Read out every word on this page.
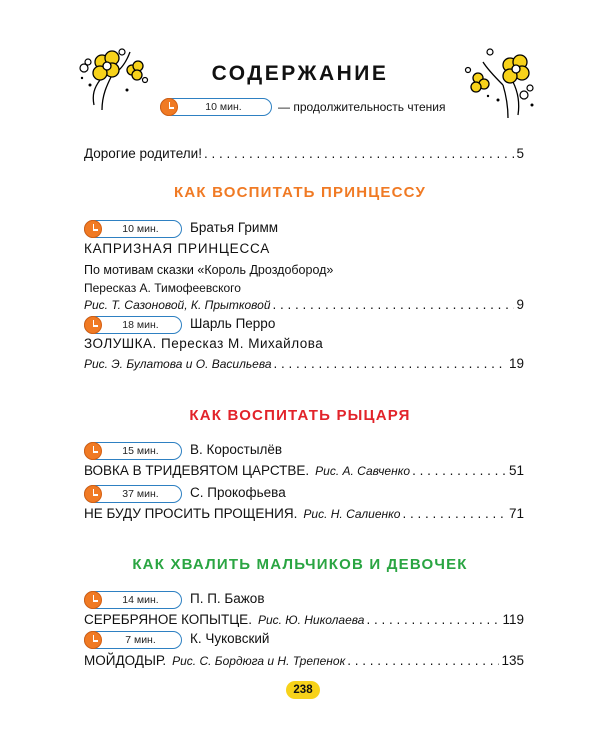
СОДЕРЖАНИЕ
10 мин.	— продолжительность чтения
Дорогие родители! . . .	5
КАК ВОСПИТАТЬ ПРИНЦЕССУ
10 мин.	Братья Гримм
КАПРИЗНАЯ ПРИНЦЕССА
По мотивам сказки «Король Дроздобород»
Пересказ А. Тимофеевского
Рис. Т. Сазоновой, К. Прытковой . . .	9
18 мин.	Шарль Перро
ЗОЛУШКА. Пересказ М. Михайлова
Рис. Э. Булатова и О. Васильева . . .	19
КАК ВОСПИТАТЬ РЫЦАРЯ
15 мин.	В. Коростылёв
ВОВКА В ТРИДЕВЯТОМ ЦАРСТВЕ. Рис. А. Савченко . . .	51
37 мин.	С. Прокофьева
НЕ БУДУ ПРОСИТЬ ПРОЩЕНИЯ. Рис. Н. Салиенко . . .	71
КАК ХВАЛИТЬ МАЛЬЧИКОВ И ДЕВОЧЕК
14 мин.	П. П. Бажов
СЕРЕБРЯНОЕ КОПЫТЦЕ. Рис. Ю. Николаева . . .	119
7 мин.	К. Чуковский
МОЙДОДЫР. Рис. С. Бордюга и Н. Трепенок . . .	135
238
